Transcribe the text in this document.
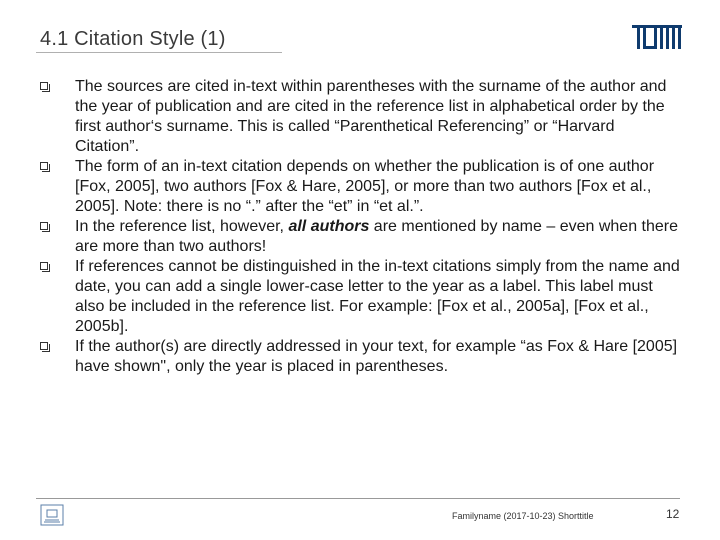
4.1 Citation Style (1)
The sources are cited in-text within parentheses with the surname of the author and the year of publication and are cited in the reference list in alphabetical order by the first author‘s surname. This is called “Parenthetical Referencing” or “Harvard Citation”.
The form of an in-text citation depends on whether the publication is of one author [Fox, 2005], two authors [Fox & Hare, 2005], or more than two authors [Fox et al., 2005]. Note: there is no “.” after the “et” in “et al.”.
In the reference list, however, all authors are mentioned by name – even when there are more than two authors!
If references cannot be distinguished in the in-text citations simply from the name and date, you can add a single lower-case letter to the year as a label. This label must also be included in the reference list. For example: [Fox et al., 2005a], [Fox et al., 2005b].
If the author(s) are directly addressed in your text, for example “as Fox & Hare [2005] have shown", only the year is placed in parentheses.
Familyname (2017-10-23) Shorttitle	12
